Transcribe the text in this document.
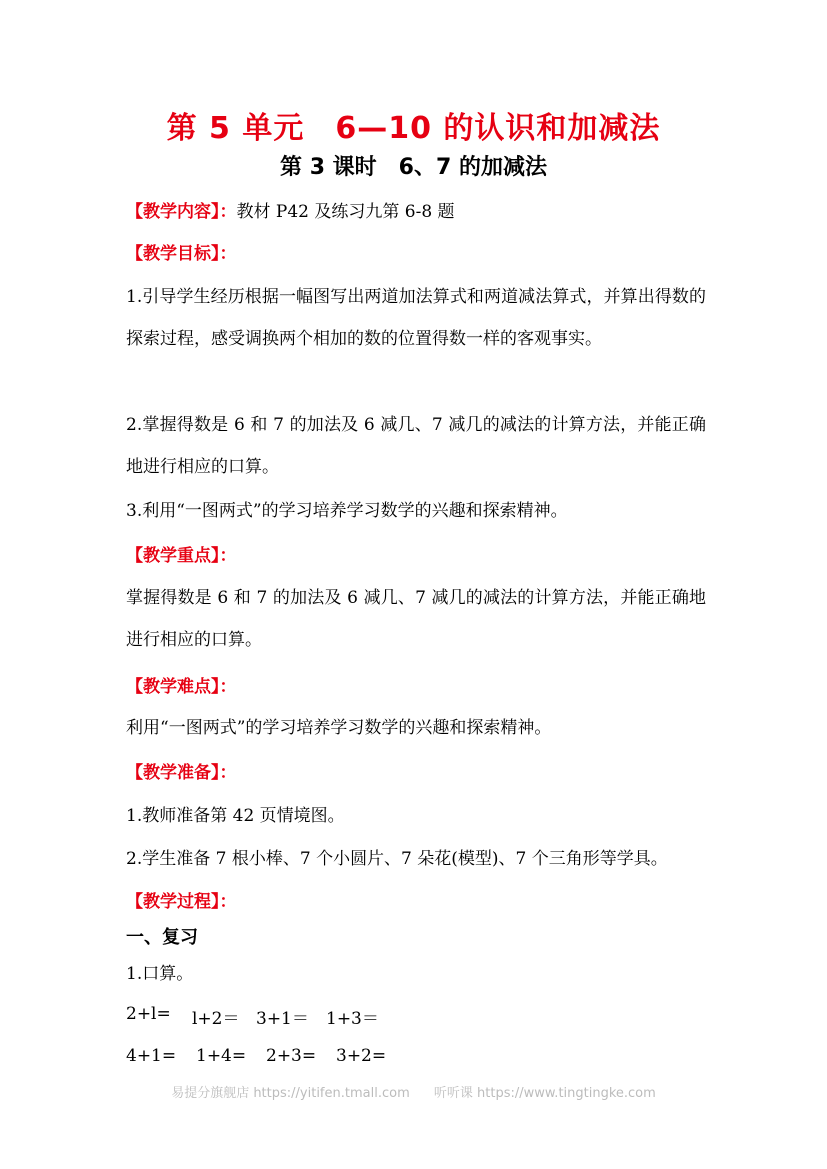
第 5 单元　6—10 的认识和加减法
第 3 课时　6、7 的加减法
【教学内容】：教材 P42 及练习九第 6-8 题
【教学目标】：
1.引导学生经历根据一幅图写出两道加法算式和两道减法算式，并算出得数的探索过程，感受调换两个相加的数的位置得数一样的客观事实。
2.掌握得数是 6 和 7 的加法及 6 减几、7 减几的减法的计算方法，并能正确地进行相应的口算。
3.利用“一图两式”的学习培养学习数学的兴趣和探索精神。
【教学重点】：
掌握得数是 6 和 7 的加法及 6 减几、7 减几的减法的计算方法，并能正确地进行相应的口算。
【教学难点】：
利用“一图两式”的学习培养学习数学的兴趣和探索精神。
【教学准备】：
1.教师准备第 42 页情境图。
2.学生准备 7 根小棒、7 个小圆片、7 朵花(模型)、7 个三角形等学具。
【教学过程】：
一、复习
1.口算。
2+l=	l+2＝ 3+1＝	1+3＝
4+1=	1+4=	2+3=	3+2=
易提分旗舰店 https://yitifen.tmall.com 听听课 https://www.tingtingke.com
